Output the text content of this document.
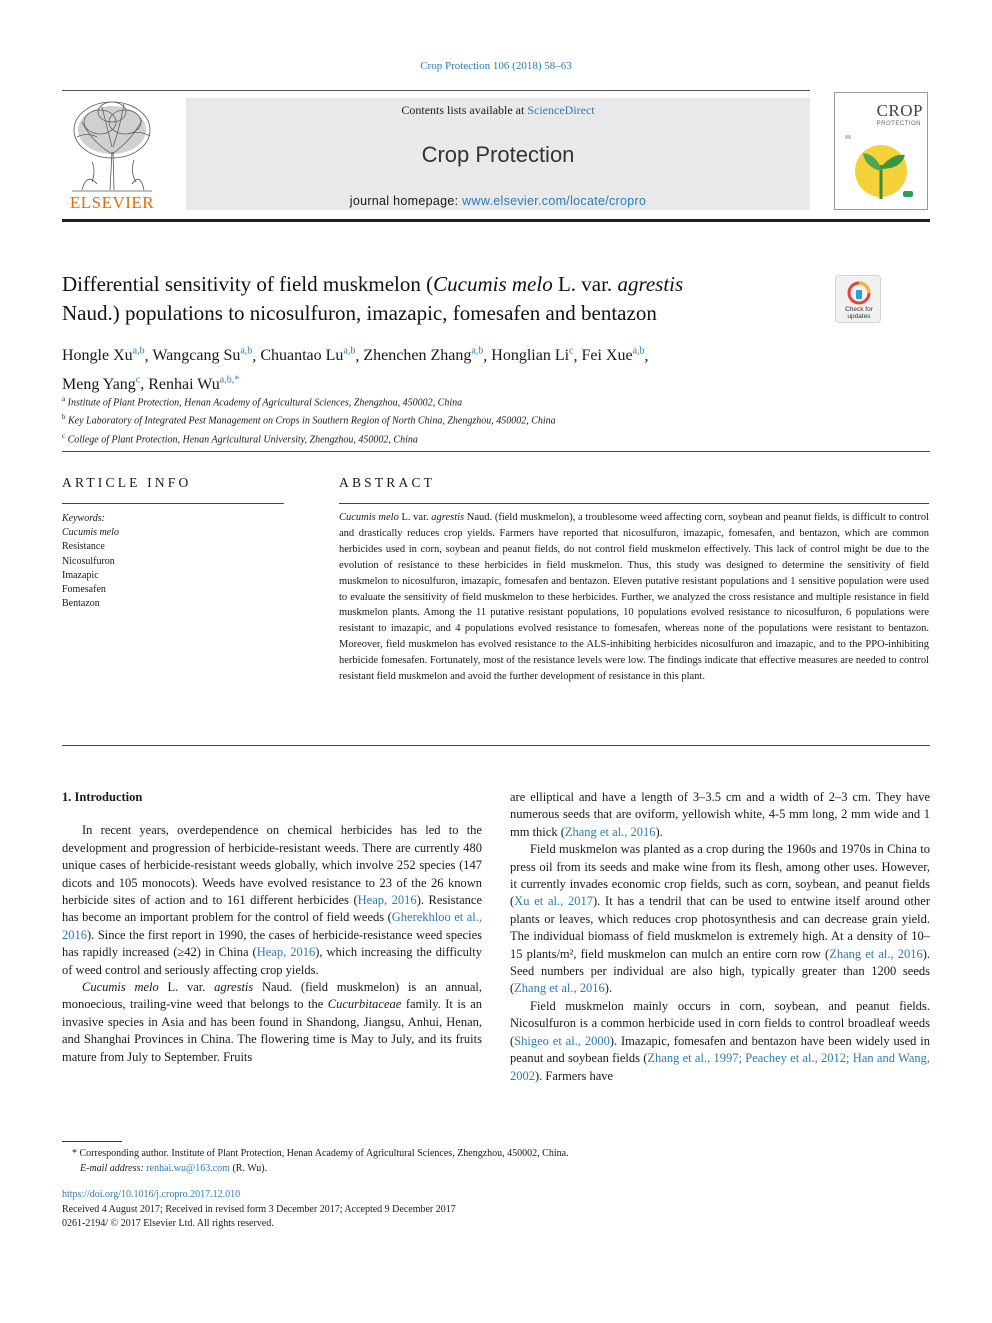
Crop Protection 106 (2018) 58–63
ELSEVIER
Contents lists available at ScienceDirect
Crop Protection
journal homepage: www.elsevier.com/locate/cropro
CROP
PROTECTION
Differential sensitivity of field muskmelon (Cucumis melo L. var. agrestis
Naud.) populations to nicosulfuron, imazapic, fomesafen and bentazon	Check for updates
Hongle Xu$^{a,b}$, Wangcang Su$^{a,b}$, Chuantao Lu$^{a,b}$, Zhenchen Zhang$^{a,b}$, Honglian Li$^c$, Fei Xue$^{a,b}$,
Meng Yang$^c$, Renhai $Wu^{a,b,*}$
$^a$ Institute of Plant Protection, Henan Academy of Agricultural Sciences, Zhengzhou, 450002, China
$^b$ Key Laboratory of Integrated Pest Management on Crops in Southern Region of North China, Zhengzhou, 450002, China
$^c$ College of Plant Protection, Henan Agricultural University, Zhengzhou, 450002, China
ARTICLE INFO
Keywords:
Cucumis melo
Resistance
Nicosulfuron
Imazapic
Fomesafen
Bentazon
ABSTRACT
Cucumis melo L. var. agrestis Naud. (field muskmelon), a troublesome weed affecting corn, soybean and peanut fields, is difficult to control and drastically reduces crop yields. Farmers have reported that nicosulfuron, imazapic, fomesafen, and bentazon, which are common herbicides used in corn, soybean and peanut fields, do not control field muskmelon effectively. This lack of control might be due to the evolution of resistance to these herbicides in field muskmelon. Thus, this study was designed to determine the sensitivity of field muskmelon to nicosulfuron, imazapic, fomesafen and bentazon. Eleven putative resistant populations and 1 sensitive population were used to evaluate the sensitivity of field muskmelon to these herbicides. Further, we analyzed the cross resistance and multiple resistance in field muskmelon plants. Among the 11 putative resistant populations, 10 populations evolved resistance to nicosulfuron, 6 populations were resistant to imazapic, and 4 populations evolved resistance to fomesafen, whereas none of the populations were resistant to bentazon. Moreover, field muskmelon has evolved resistance to the ALS-inhibiting herbicides nicosulfuron and imazapic, and to the PPO-inhibiting herbicide fomesafen. Fortunately, most of the resistance levels were low. The findings indicate that effective measures are needed to control resistant field muskmelon and avoid the further development of resistance in this plant.
1. Introduction

In recent years, overdependence on chemical herbicides has led to the development and progression of herbicide-resistant weeds. There are currently 480 unique cases of herbicide-resistant weeds globally, which involve 252 species (147 dicots and 105 monocots). Weeds have evolved resistance to 23 of the 26 known herbicide sites of action and to 161 different herbicides (Heap, 2016). Resistance has become an important problem for the control of field weeds (Gherekhloo et al., 2016). Since the first report in 1990, the cases of herbicide-resistance weed species has rapidly increased (≥42) in China (Heap, 2016), which increasing the difficulty of weed control and seriously affecting crop yields.

Cucumis melo L. var. agrestis Naud. (field muskmelon) is an annual, monoecious, trailing-vine weed that belongs to the Cucurbitaceae family. It is an invasive species in Asia and has been found in Shandong, Jiangsu, Anhui, Henan, and Shanghai Provinces in China. The flowering time is May to July, and its fruits mature from July to September. Fruits

are elliptical and have a length of 3–3.5 cm and a width of 2–3 cm. They have numerous seeds that are oviform, yellowish white, 4-5 mm long, 2 mm wide and 1 mm thick (Zhang et al., 2016).

Field muskmelon was planted as a crop during the 1960s and 1970s in China to press oil from its seeds and make wine from its flesh, among other uses. However, it currently invades economic crop fields, such as corn, soybean, and peanut fields (Xu et al., 2017). It has a tendril that can be used to entwine itself around other plants or leaves, which reduces crop photosynthesis and can decrease grain yield. The individual biomass of field muskmelon is extremely high. At a density of 10–15 plants/m², field muskmelon can mulch an entire corn row (Zhang et al., 2016). Seed numbers per individual are also high, typically greater than 1200 seeds (Zhang et al., 2016).

Field muskmelon mainly occurs in corn, soybean, and peanut fields. Nicosulfuron is a common herbicide used in corn fields to control broadleaf weeds (Shigeo et al., 2000). Imazapic, fomesafen and bentazon have been widely used in peanut and soybean fields (Zhang et al., 1997; Peachey et al., 2012; Han and Wang, 2002). Farmers have

* Corresponding author. Institute of Plant Protection, Henan Academy of Agricultural Sciences, Zhengzhou, 450002, China.
E-mail address: renhai.wu@163.com (R. Wu).
https://doi.org/10.1016/j.cropro.2017.12.010
Received 4 August 2017; Received in revised form 3 December 2017; Accepted 9 December 2017
0261-2194/ © 2017 Elsevier Ltd. All rights reserved.
